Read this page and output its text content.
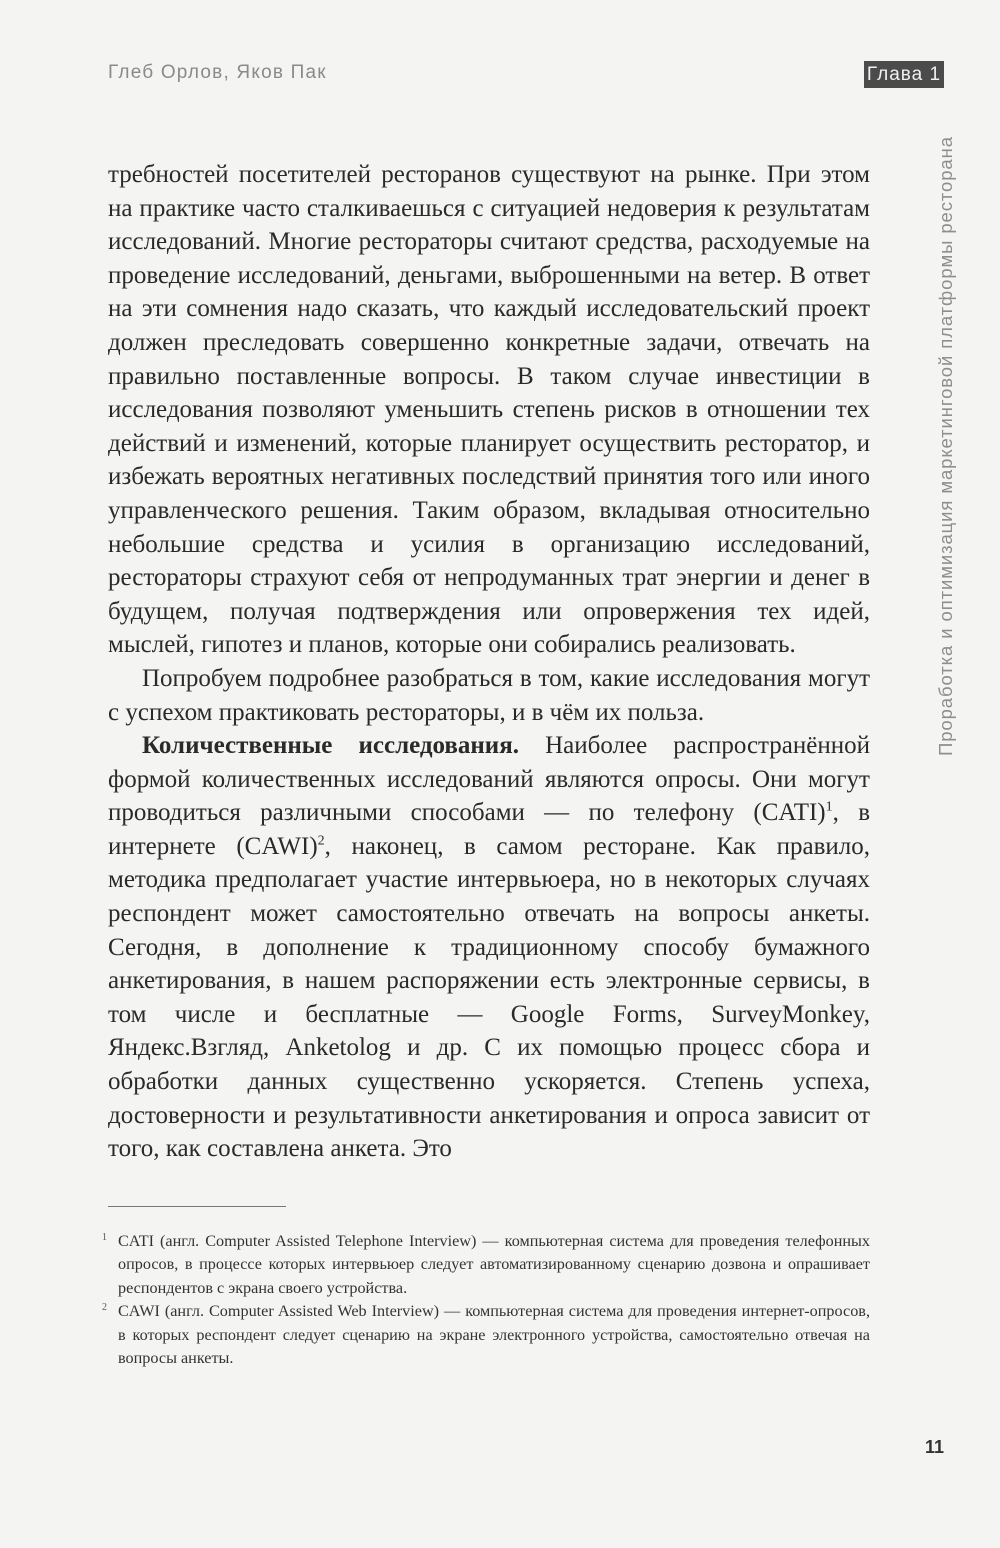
Глеб Орлов, Яков Пак	Глава 1
Проработка и оптимизация маркетинговой платформы ресторана

требностей посетителей ресторанов существуют на рынке. При этом на практике часто сталкиваешься с ситуацией недоверия к результатам исследований. Многие рестораторы считают средства, расходуемые на проведение исследований, деньгами, выброшенными на ветер. В ответ на эти сомнения надо сказать, что каждый исследовательский проект должен преследовать совершенно конкретные задачи, отвечать на правильно поставленные вопросы. В таком случае инвестиции в исследования позволяют уменьшить степень рисков в отношении тех действий и изменений, которые планирует осуществить ресторатор, и избежать вероятных негативных последствий принятия того или иного управленческого решения. Таким образом, вкладывая относительно небольшие средства и усилия в организацию исследований, рестораторы страхуют себя от непродуманных трат энергии и денег в будущем, получая подтверждения или опровержения тех идей, мыслей, гипотез и планов, которые они собирались реализовать.

Попробуем подробнее разобраться в том, какие исследования могут с успехом практиковать рестораторы, и в чём их польза.

Количественные исследования. Наиболее распространённой формой количественных исследований являются опросы. Они могут проводиться различными способами — по телефону (CATI)$^1$, в интернете (CAWI)$^2$, наконец, в самом ресторане. Как правило, методика предполагает участие интервьюера, но в некоторых случаях респондент может самостоятельно отвечать на вопросы анкеты. Сегодня, в дополнение к традиционному способу бумажного анкетирования, в нашем распоряжении есть электронные сервисы, в том числе и бесплатные — Google Forms, SurveyMonkey, Яндекс.Взгляд, Anketolog и др. С их помощью процесс сбора и обработки данных существенно ускоряется. Степень успеха, достоверности и результативности анкетирования и опроса зависит от того, как составлена анкета. Это

1 CATI (англ. Computer Assisted Telephone Interview) — компьютерная система для проведения телефонных опросов, в процессе которых интервьюер следует автоматизированному сценарию дозвона и опрашивает респондентов с экрана своего устройства.
2 CAWI (англ. Computer Assisted Web Interview) — компьютерная система для проведения интернет-опросов, в которых респондент следует сценарию на экране электронного устройства, самостоятельно отвечая на вопросы анкеты.
11
